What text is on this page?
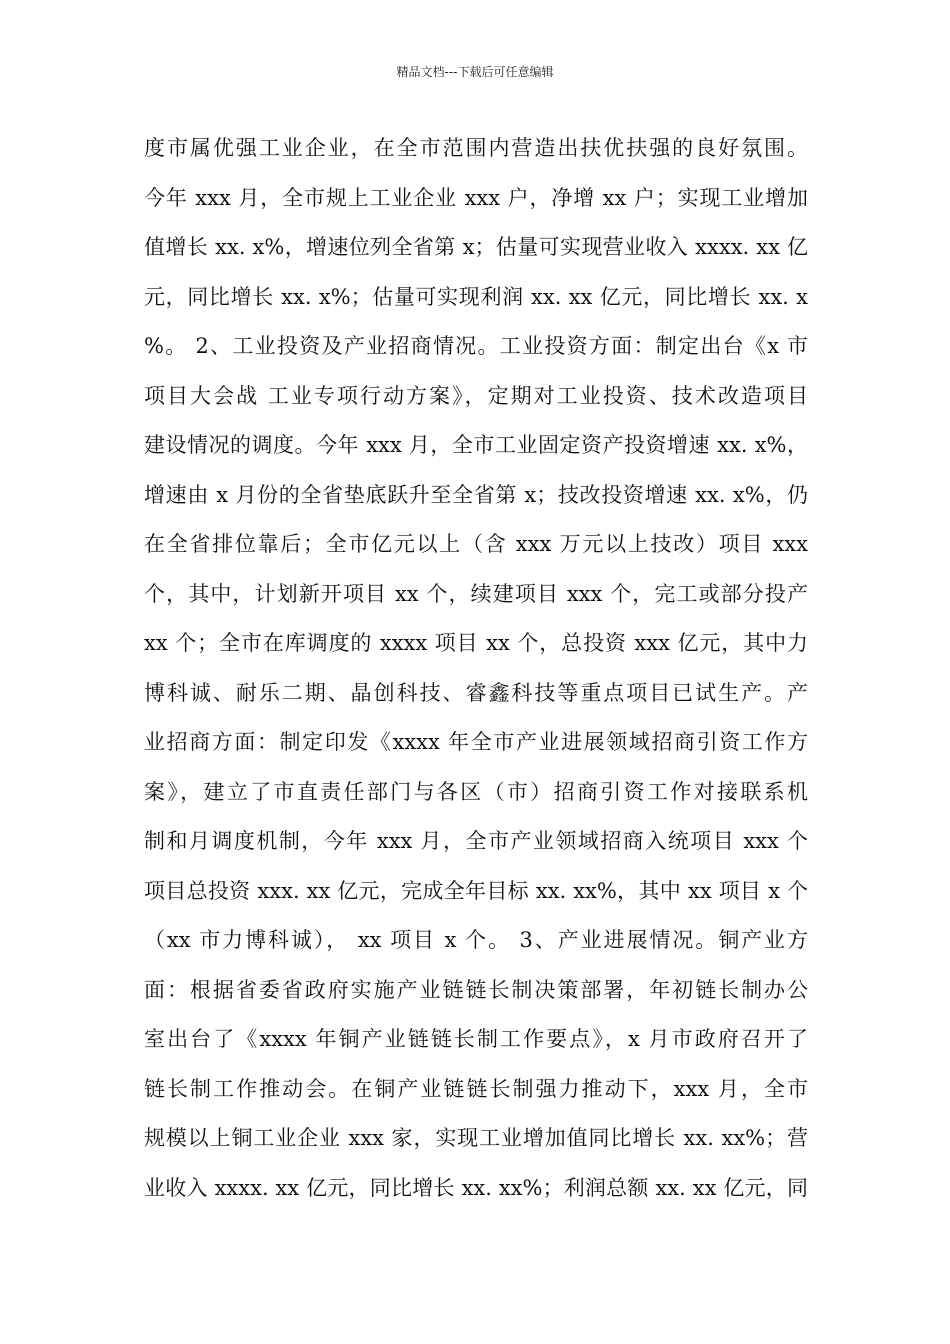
精品文档---下载后可任意编辑
度市属优强工业企业，在全市范围内营造出扶优扶强的良好氛围。
今年 xxx 月，全市规上工业企业 xxx 户，净增 xx 户；实现工业增加
值增长 xx. x%，增速位列全省第 x；估量可实现营业收入 xxxx. xx 亿
元，同比增长 xx. x%；估量可实现利润 xx. xx 亿元，同比增长 xx. x
%。 2、工业投资及产业招商情况。工业投资方面：制定出台《x 市
项目大会战 工业专项行动方案》，定期对工业投资、技术改造项目
建设情况的调度。今年 xxx 月，全市工业固定资产投资增速 xx. x%，
增速由 x 月份的全省垫底跃升至全省第 x；技改投资增速 xx. x%，仍
在全省排位靠后；全市亿元以上（含 xxx 万元以上技改）项目 xxx
个，其中，计划新开项目 xx 个，续建项目 xxx 个，完工或部分投产
xx 个；全市在库调度的 xxxx 项目 xx 个，总投资 xxx 亿元，其中力
博科诚、耐乐二期、晶创科技、睿鑫科技等重点项目已试生产。产
业招商方面：制定印发《xxxx 年全市产业进展领域招商引资工作方
案》，建立了市直责任部门与各区（市）招商引资工作对接联系机
制和月调度机制，今年 xxx 月，全市产业领域招商入统项目 xxx 个
项目总投资 xxx. xx 亿元，完成全年目标 xx. xx%，其中 xx 项目 x 个
（xx 市力博科诚）， xx 项目 x 个。 3、产业进展情况。铜产业方
面：根据省委省政府实施产业链链长制决策部署，年初链长制办公
室出台了《xxxx 年铜产业链链长制工作要点》，x 月市政府召开了
链长制工作推动会。在铜产业链链长制强力推动下，xxx 月，全市
规模以上铜工业企业 xxx 家，实现工业增加值同比增长 xx. xx%；营
业收入 xxxx. xx 亿元，同比增长 xx. xx%；利润总额 xx. xx 亿元，同
